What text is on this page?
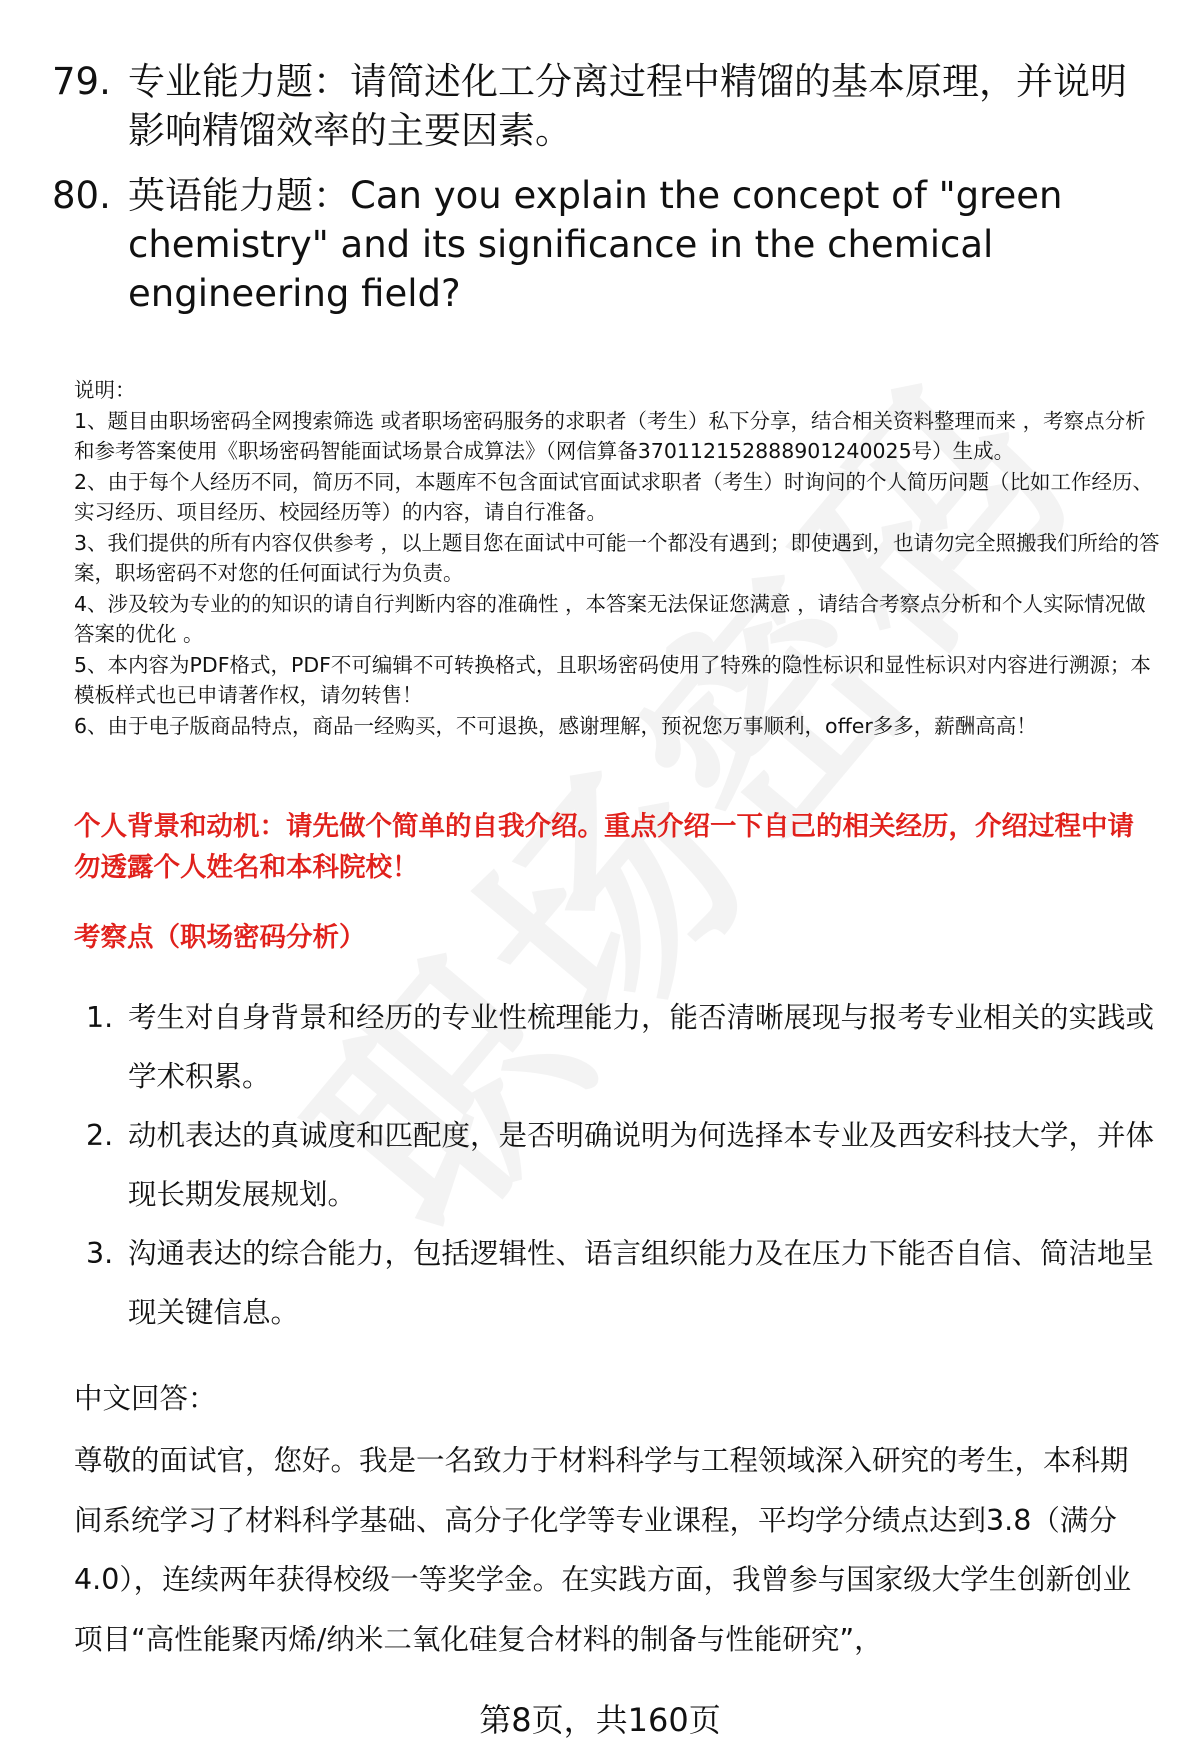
79. 专业能力题：请简述化工分离过程中精馏的基本原理，并说明影响精馏效率的主要因素。
80. 英语能力题：Can you explain the concept of "green chemistry" and its significance in the chemical engineering field?

说明：

1、题目由职场密码全网搜索筛选 或者职场密码服务的求职者（考生）私下分享，结合相关资料整理而来 ，考察点分析和参考答案使用《职场密码智能面试场景合成算法》（网信算备370112152888901240025号）生成。

2、由于每个人经历不同，简历不同，本题库不包含面试官面试求职者（考生）时询问的个人简历问题（比如工作经历、实习经历、项目经历、校园经历等）的内容，请自行准备。

3、我们提供的所有内容仅供参考 ，以上题目您在面试中可能一个都没有遇到；即使遇到，也请勿完全照搬我们所给的答案，职场密码不对您的任何面试行为负责。

4、涉及较为专业的的知识的请自行判断内容的准确性 ，本答案无法保证您满意 ，请结合考察点分析和个人实际情况做答案的优化 。

5、本内容为PDF格式，PDF不可编辑不可转换格式，且职场密码使用了特殊的隐性标识和显性标识对内容进行溯源；本模板样式也已申请著作权，请勿转售！

6、由于电子版商品特点，商品一经购买，不可退换，感谢理解，预祝您万事顺利，offer多多，薪酬高高！

个人背景和动机：请先做个简单的自我介绍。重点介绍一下自己的相关经历，介绍过程中请勿透露个人姓名和本科院校！
考察点（职场密码分析）
1. 考生对自身背景和经历的专业性梳理能力，能否清晰展现与报考专业相关的实践或学术积累。
2. 动机表达的真诚度和匹配度，是否明确说明为何选择本专业及西安科技大学，并体现长期发展规划。
3. 沟通表达的综合能力，包括逻辑性、语言组织能力及在压力下能否自信、简洁地呈现关键信息。
中文回答：

尊敬的面试官，您好。我是一名致力于材料科学与工程领域深入研究的考生，本科期间系统学习了材料科学基础、高分子化学等专业课程，平均学分绩点达到3.8（满分4.0），连续两年获得校级一等奖学金。在实践方面，我曾参与国家级大学生创新创业项目“高性能聚丙烯/纳米二氧化硅复合材料的制备与性能研究”，

第8页，共160页
